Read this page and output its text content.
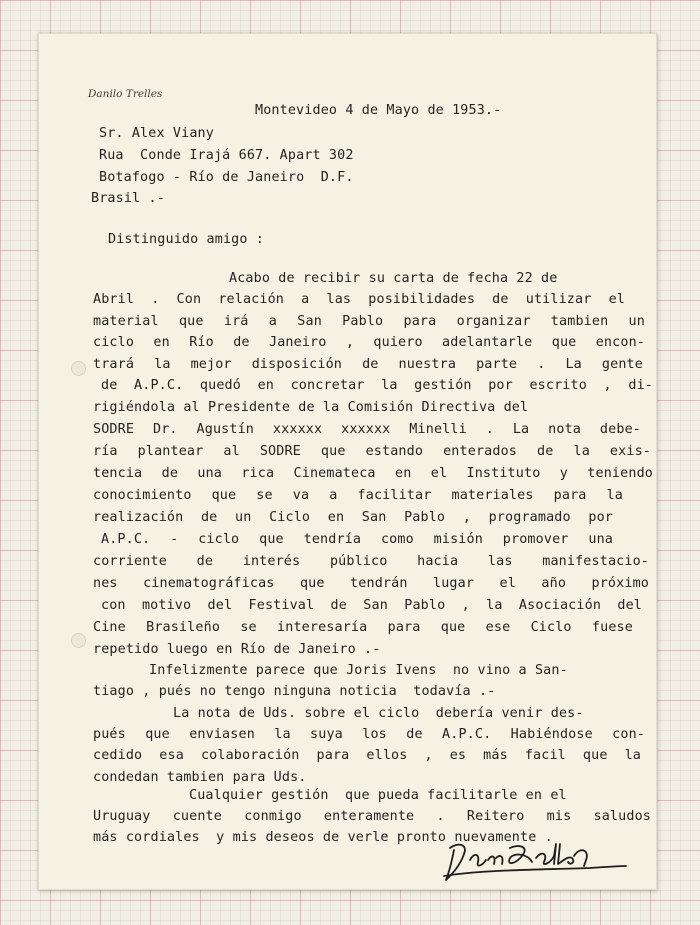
Danilo Trelles
Montevideo 4 de Mayo de 1953.-
Sr. Alex Viany
Rua  Conde Irajá 667. Apart 302
Botafogo - Río de Janeiro  D.F.
Brasil .-
Distinguido amigo :
Acabo de recibir su carta de fecha 22 de
Abril . Con relación a las posibilidades de utilizar el
material que irá a San Pablo para organizar tambien un
ciclo en Río de Janeiro , quiero adelantarle que encon-
trará la mejor disposición de nuestra parte . La gente
de A.P.C. quedó en concretar la gestión por escrito , di-
rigiéndola al Presidente de la Comisión Directiva del
SODRE Dr. Agustín xxxxxx xxxxxx Minelli . La nota debe-
ría plantear al SODRE que estando enterados de la exis-
tencia de una rica Cinemateca en el Instituto y teniendo
conocimiento que se va a facilitar materiales para la
realización de un Ciclo en San Pablo , programado por
A.P.C. - ciclo que tendría como misión promover una
corriente de interés público hacia las manifestacio-
nes cinematográficas que tendrán lugar el año próximo
con motivo del Festival de San Pablo , la Asociación del
Cine Brasileño se interesaría para que ese Ciclo fuese
repetido luego en Río de Janeiro .-
Infelizmente parece que Joris Ivens  no vino a San-
tiago , pués no tengo ninguna noticia  todavía .-
La nota de Uds. sobre el ciclo  debería venir des-
pués que enviasen la suya los de A.P.C. Habiéndose con-
cedido esa colaboración para ellos , es más facil que la
condedan tambien para Uds.
Cualquier gestión  que pueda facilitarle en el
Uruguay cuente conmigo enteramente . Reitero mis saludos
más cordiales  y mis deseos de verle pronto nuevamente .
